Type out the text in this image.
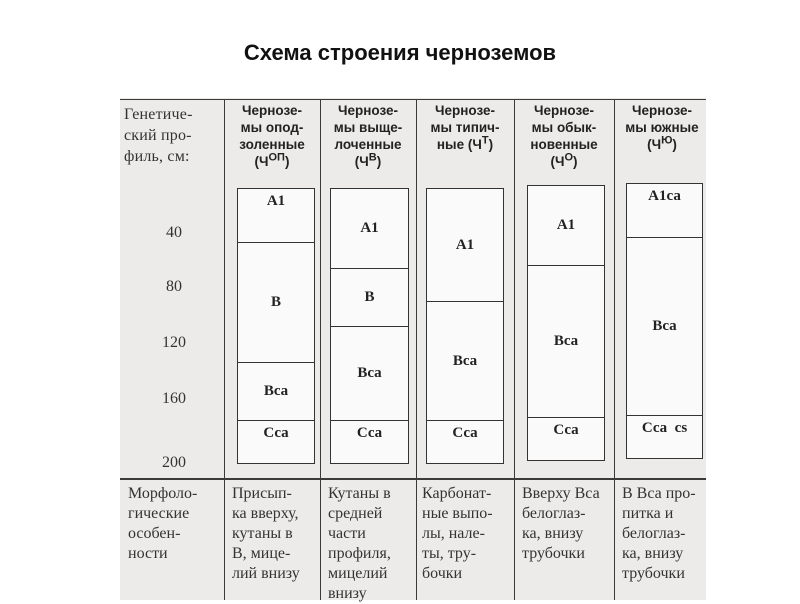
Схема строения черноземов
Генетиче-
ский про-
филь, см:
Морфоло-
гические
особен-
ности
40
80
120
160
200
Чернозе-
мы опод-
золенные
$(Ч^{ОП})$
А1
В
Вса
Сса
Присып-
ка вверху,
кутаны в
В, мице-
лий внизу
Чернозе-
мы выще-
лоченные
$(Ч^В)$
А1
В
Вса
Сса
Кутаны в
средней
части
профиля,
мицелий
внизу
Чернозе-
мы типич-
ные $(Ч^Т)$
А1
Вса
Сса
Карбонат-
ные выпо-
лы, нале-
ты, тру-
бочки
Чернозе-
мы обык-
новенные
$(Ч^О)$
А1
Вса
Сса
Вверху Вса
белоглаз-
ка, внизу
трубочки
Чернозе-
мы южные
$(Ч^Ю)$
А1са
Вса
Сса  cs
В Вса про-
питка и
белоглаз-
ка, внизу
трубочки
